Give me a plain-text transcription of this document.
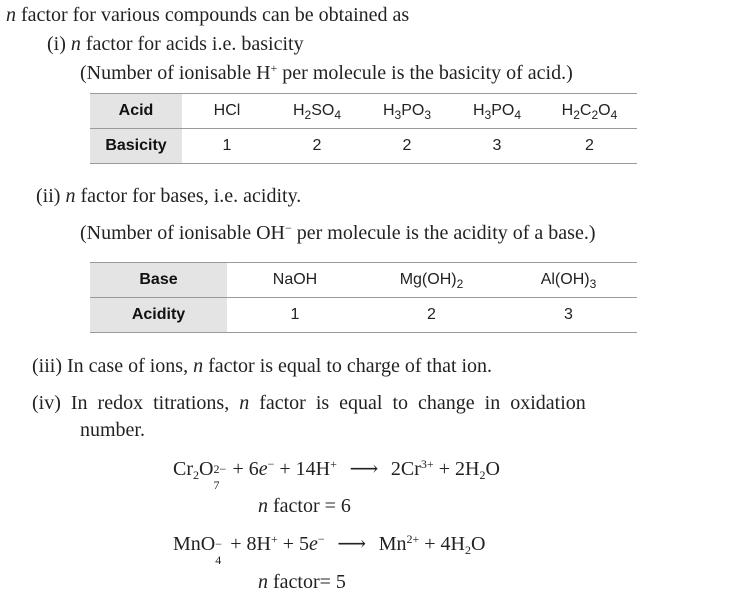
n factor for various compounds can be obtained as
(i) n factor for acids i.e. basicity
(Number of ionisable H+ per molecule is the basicity of acid.)
Acid	HCl	$H_2SO_4$	$H_3PO_3$	$H_3PO_4$	$H_2C_2O_4$
Basicity	1	2	2	3	2
(ii) n factor for bases, i.e. acidity.
(Number of ionisable OH− per molecule is the acidity of a base.)
Base	NaOH	$Mg(OH)_2$	$Al(OH)_3$
Acidity	1	2	3
(iii) In case of ions, n factor is equal to charge of that ion.
(iv) In redox titrations, n factor is equal to change in oxidation
number.
$Cr_2O$ 2−
7
+ 6e− + 14H+ ⟶ $2Cr^{3+} + 2H_2O$
n factor = 6
MnO −
4
+ 8H+ + 5e− ⟶ $Mn^{2+} + 4H_2O$
n factor= 5
